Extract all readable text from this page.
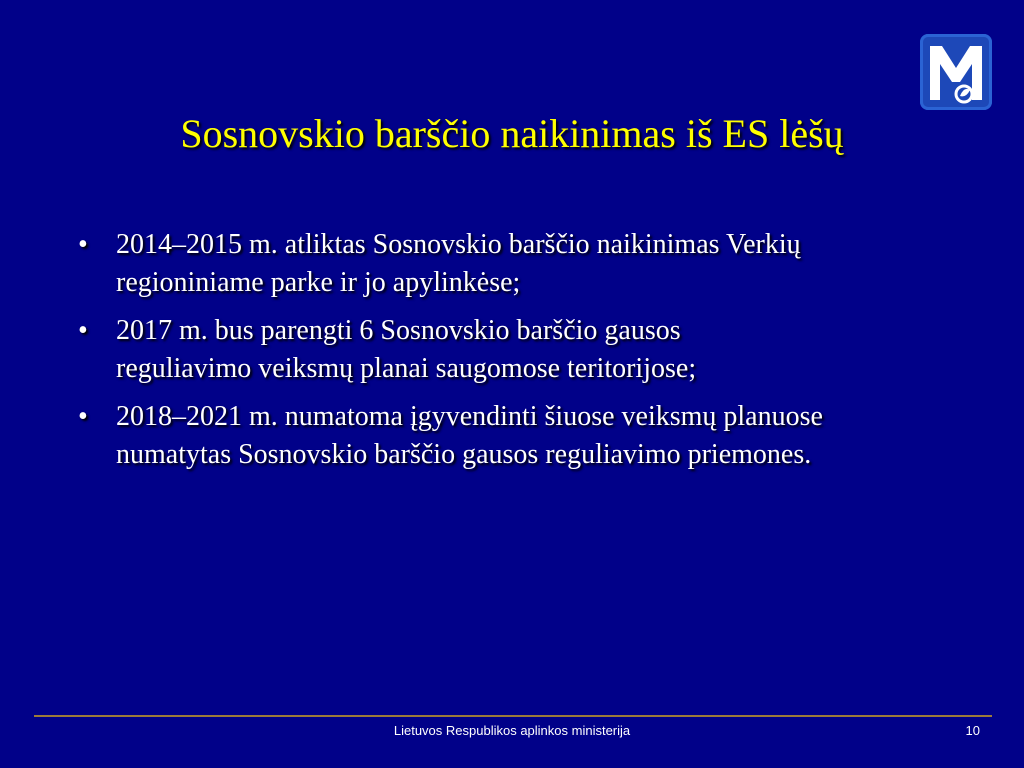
Sosnovskio barščio naikinimas iš ES lėšų
•	2014–2015 m. atliktas Sosnovskio barščio naikinimas Verkių
regioniniame parke ir jo apylinkėse;
•	2017 m. bus parengti 6 Sosnovskio barščio gausos
reguliavimo veiksmų planai saugomose teritorijose;
•	2018–2021 m. numatoma įgyvendinti šiuose veiksmų planuose
numatytas Sosnovskio barščio gausos reguliavimo priemones.
Lietuvos Respublikos aplinkos ministerija	10
